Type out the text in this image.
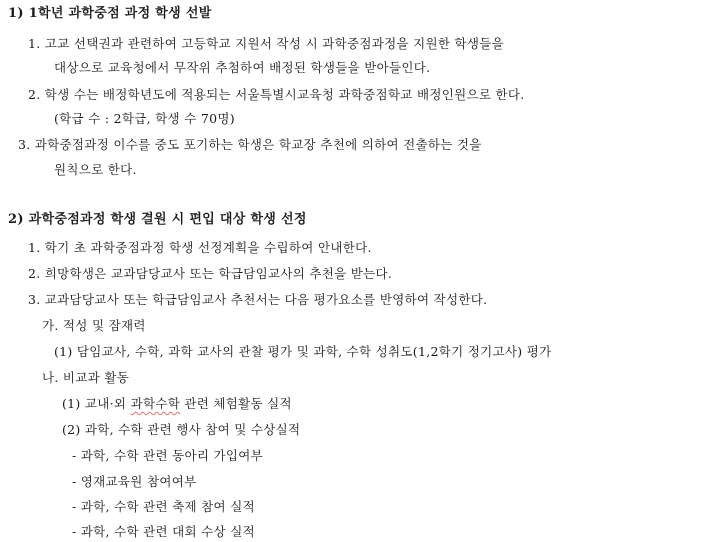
1) 1학년 과학중점 과정 학생 선발
1. 고교 선택권과 관련하여 고등학교 지원서 작성 시 과학중점과정을 지원한 학생들을
대상으로 교육청에서 무작위 추첨하여 배정된 학생들을 받아들인다.
2. 학생 수는 배정학년도에 적용되는 서울특별시교육청 과학중점학교 배정인원으로 한다.
(학급 수 : 2학급, 학생 수 70명)
3. 과학중점과정 이수를 중도 포기하는 학생은 학교장 추천에 의하여 전출하는 것을
원칙으로 한다.
2) 과학중점과정 학생 결원 시 편입 대상 학생 선정
1. 학기 초 과학중점과정 학생 선정계획을 수립하여 안내한다.
2. 희망학생은 교과담당교사 또는 학급담임교사의 추천을 받는다.
3. 교과담당교사 또는 학급담임교사 추천서는 다음 평가요소를 반영하여 작성한다.
가. 적성 및 잠재력
(1) 담임교사, 수학, 과학 교사의 관찰 평가 및 과학, 수학 성취도(1,2학기 정기고사) 평가
나. 비교과 활동
(1) 교내·외 과학수학 관련 체험활동 실적
(2) 과학, 수학 관련 행사 참여 및 수상실적
- 과학, 수학 관련 동아리 가입여부
- 영재교육원 참여여부
- 과학, 수학 관련 축제 참여 실적
- 과학, 수학 관련 대회 수상 실적
